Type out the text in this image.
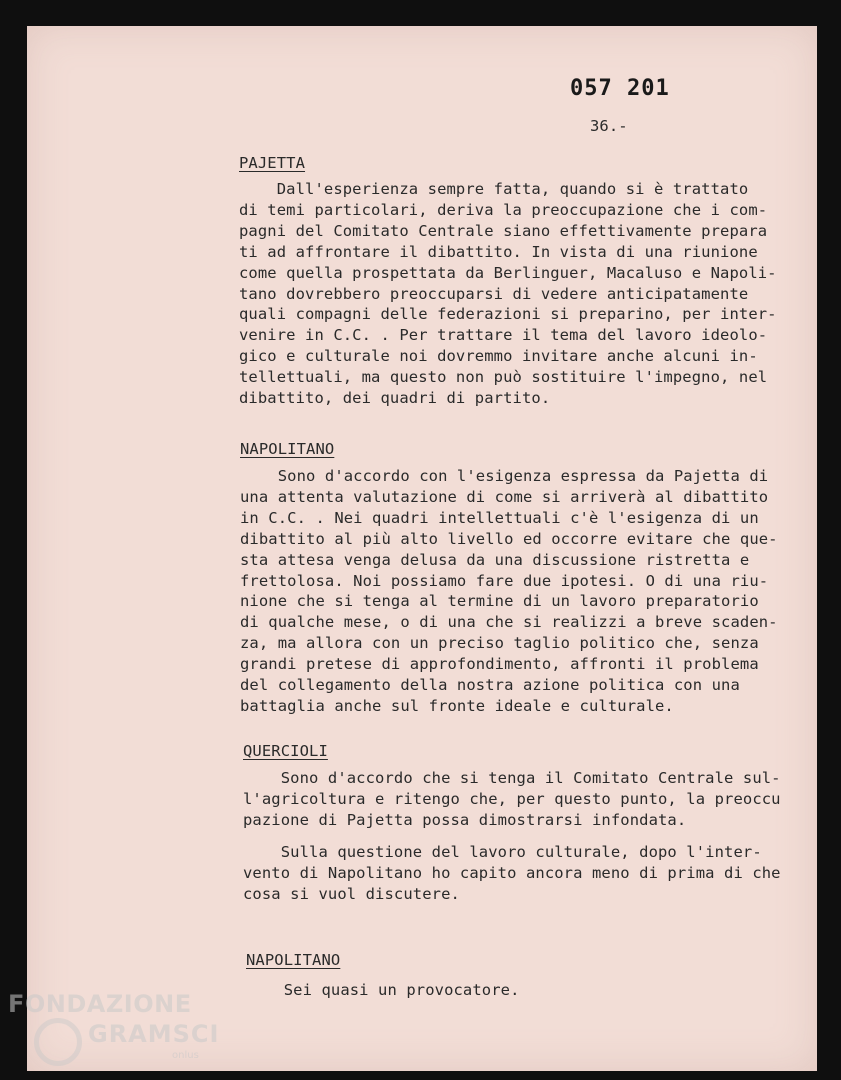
057 201
36.-
PAJETTA
Dall'esperienza sempre fatta, quando si è trattato
di temi particolari, deriva la preoccupazione che i com-
pagni del Comitato Centrale siano effettivamente prepara
ti ad affrontare il dibattito. In vista di una riunione
come quella prospettata da Berlinguer, Macaluso e Napoli-
tano dovrebbero preoccuparsi di vedere anticipatamente
quali compagni delle federazioni si preparino, per inter-
venire in C.C. . Per trattare il tema del lavoro ideolo-
gico e culturale noi dovremmo invitare anche alcuni in-
tellettuali, ma questo non può sostituire l'impegno, nel
dibattito, dei quadri di partito.
NAPOLITANO
Sono d'accordo con l'esigenza espressa da Pajetta di
una attenta valutazione di come si arriverà al dibattito
in C.C. . Nei quadri intellettuali c'è l'esigenza di un
dibattito al più alto livello ed occorre evitare che que-
sta attesa venga delusa da una discussione ristretta e
frettolosa. Noi possiamo fare due ipotesi. O di una riu-
nione che si tenga al termine di un lavoro preparatorio
di qualche mese, o di una che si realizzi a breve scaden-
za, ma allora con un preciso taglio politico che, senza
grandi pretese di approfondimento, affronti il problema
del collegamento della nostra azione politica con una
battaglia anche sul fronte ideale e culturale.
QUERCIOLI
Sono d'accordo che si tenga il Comitato Centrale sul-
l'agricoltura e ritengo che, per questo punto, la preoccu
pazione di Pajetta possa dimostrarsi infondata.
Sulla questione del lavoro culturale, dopo l'inter-
vento di Napolitano ho capito ancora meno di prima di che
cosa si vuol discutere.
NAPOLITANO
Sei quasi un provocatore.
FONDAZIONE
GRAMSCI
onlus
